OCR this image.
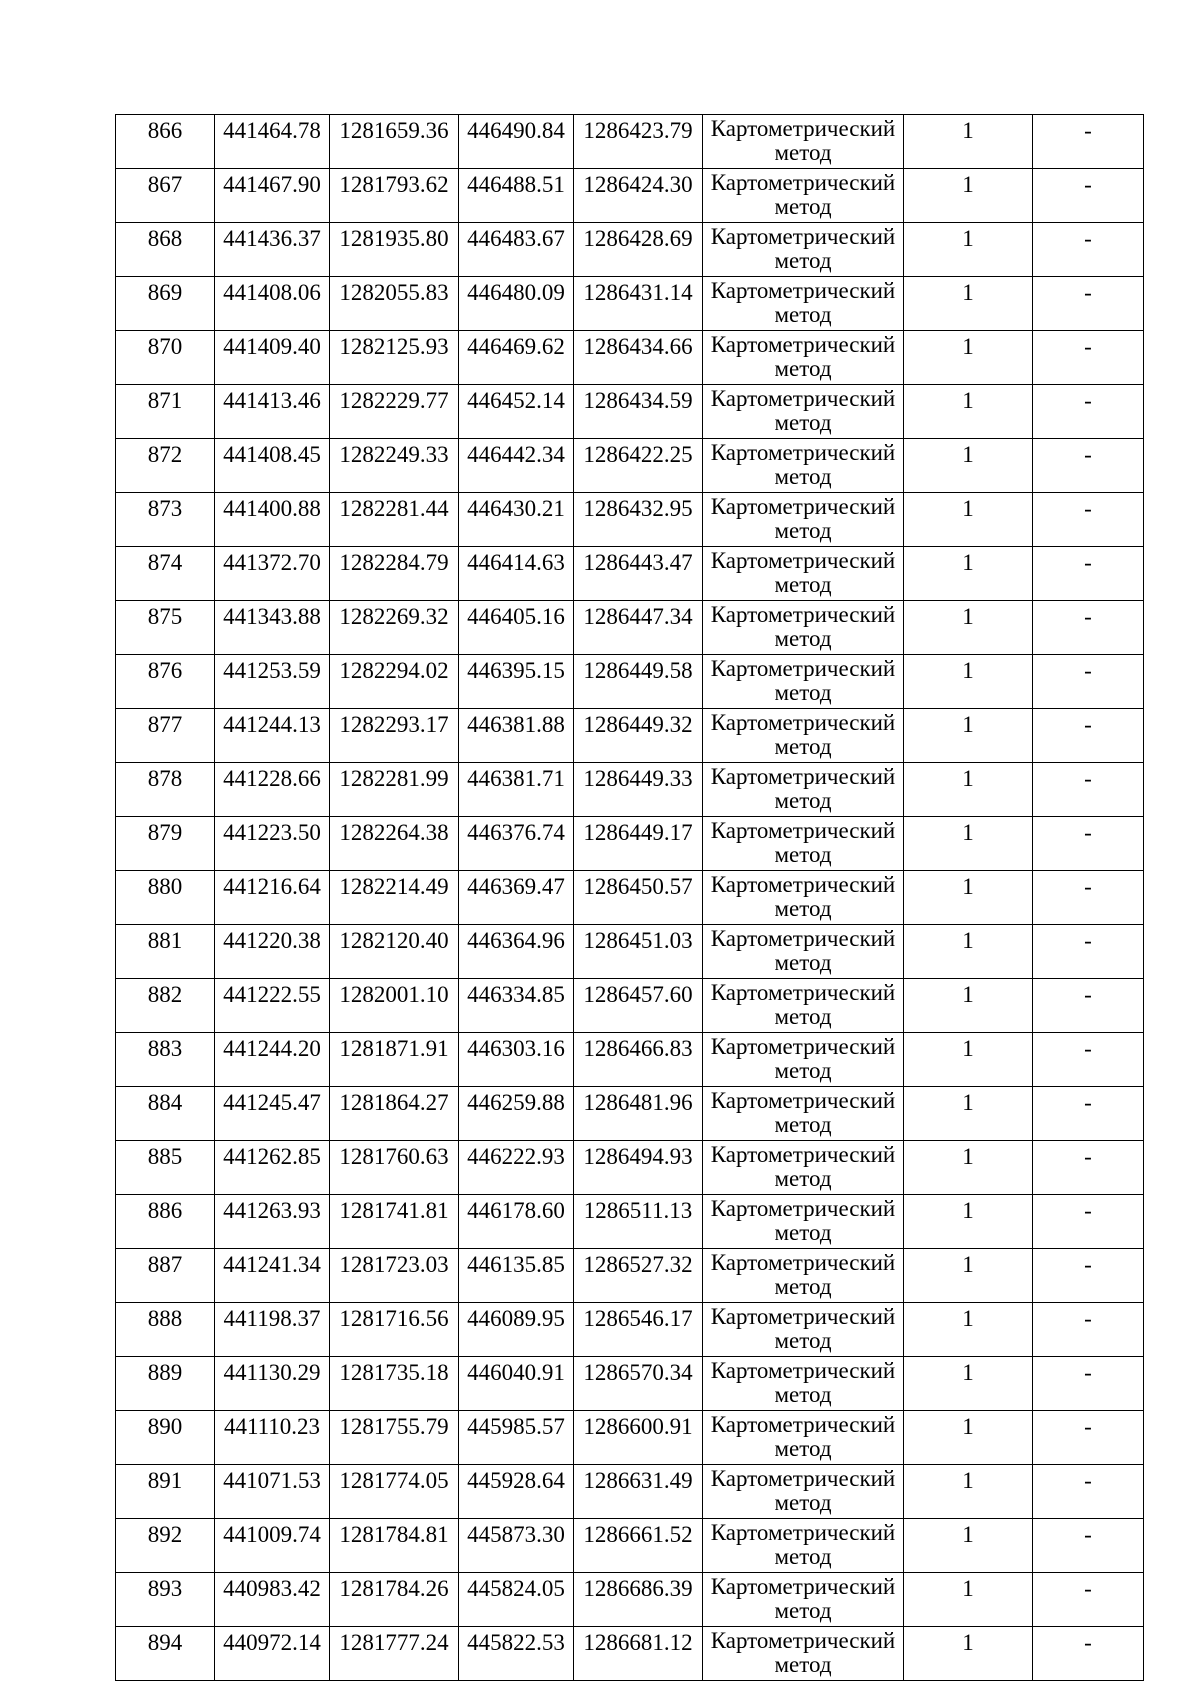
866	441464.78	1281659.36	446490.84	1286423.79	Картометрический
метод	1	-
867	441467.90	1281793.62	446488.51	1286424.30	Картометрический
метод	1	-
868	441436.37	1281935.80	446483.67	1286428.69	Картометрический
метод	1	-
869	441408.06	1282055.83	446480.09	1286431.14	Картометрический
метод	1	-
870	441409.40	1282125.93	446469.62	1286434.66	Картометрический
метод	1	-
871	441413.46	1282229.77	446452.14	1286434.59	Картометрический
метод	1	-
872	441408.45	1282249.33	446442.34	1286422.25	Картометрический
метод	1	-
873	441400.88	1282281.44	446430.21	1286432.95	Картометрический
метод	1	-
874	441372.70	1282284.79	446414.63	1286443.47	Картометрический
метод	1	-
875	441343.88	1282269.32	446405.16	1286447.34	Картометрический
метод	1	-
876	441253.59	1282294.02	446395.15	1286449.58	Картометрический
метод	1	-
877	441244.13	1282293.17	446381.88	1286449.32	Картометрический
метод	1	-
878	441228.66	1282281.99	446381.71	1286449.33	Картометрический
метод	1	-
879	441223.50	1282264.38	446376.74	1286449.17	Картометрический
метод	1	-
880	441216.64	1282214.49	446369.47	1286450.57	Картометрический
метод	1	-
881	441220.38	1282120.40	446364.96	1286451.03	Картометрический
метод	1	-
882	441222.55	1282001.10	446334.85	1286457.60	Картометрический
метод	1	-
883	441244.20	1281871.91	446303.16	1286466.83	Картометрический
метод	1	-
884	441245.47	1281864.27	446259.88	1286481.96	Картометрический
метод	1	-
885	441262.85	1281760.63	446222.93	1286494.93	Картометрический
метод	1	-
886	441263.93	1281741.81	446178.60	1286511.13	Картометрический
метод	1	-
887	441241.34	1281723.03	446135.85	1286527.32	Картометрический
метод	1	-
888	441198.37	1281716.56	446089.95	1286546.17	Картометрический
метод	1	-
889	441130.29	1281735.18	446040.91	1286570.34	Картометрический
метод	1	-
890	441110.23	1281755.79	445985.57	1286600.91	Картометрический
метод	1	-
891	441071.53	1281774.05	445928.64	1286631.49	Картометрический
метод	1	-
892	441009.74	1281784.81	445873.30	1286661.52	Картометрический
метод	1	-
893	440983.42	1281784.26	445824.05	1286686.39	Картометрический
метод	1	-
894	440972.14	1281777.24	445822.53	1286681.12	Картометрический
метод	1	-
